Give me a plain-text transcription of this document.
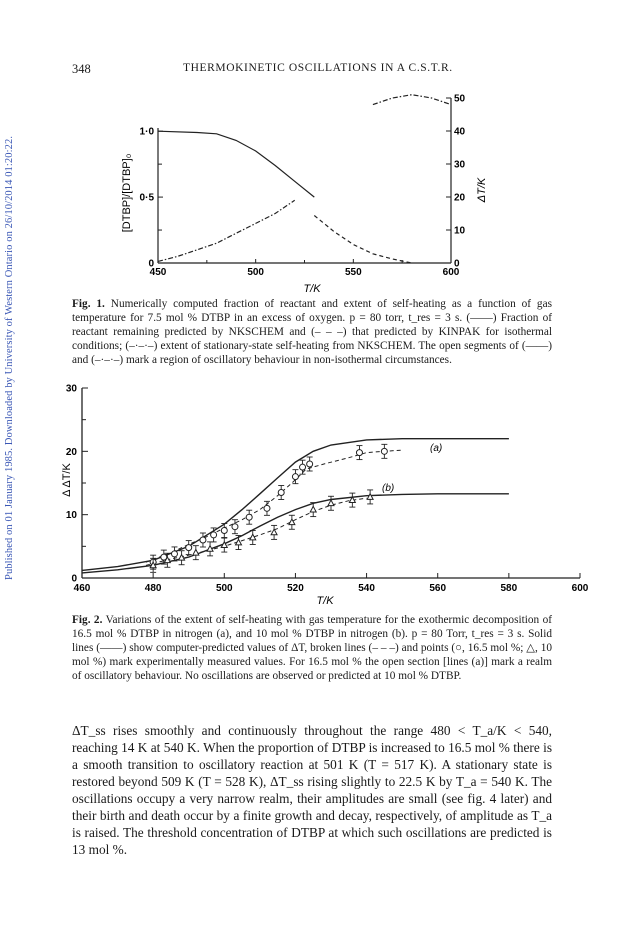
Published on 01 January 1985. Downloaded by University of Western Ontario on 26/10/2014 01:20:22.
348	THERMOKINETIC OSCILLATIONS IN A C.S.T.R.
0
0·5
1·0
0
10
20
30
40
50
450	500	550	600
[DTBP]/[DTBP]₀	ΔT/K
T/K
Fig. 1. Numerically computed fraction of reactant and extent of self-heating as a function of gas temperature for 7.5 mol % DTBP in an excess of oxygen. p = 80 torr, t_res = 3 s. (——) Fraction of reactant remaining predicted by NKSCHEM and (– – –) that predicted by KINPAK for isothermal conditions; (–·–·–) extent of stationary-state self-heating from NKSCHEM. The open segments of (——) and (–·–·–) mark a region of oscillatory behaviour in non-isothermal circumstances.
0
10
20
30
460	480	500	520	540	560	580	600
Δ ΔT/K
T/K
(a)
(b)
Fig. 2. Variations of the extent of self-heating with gas temperature for the exothermic decomposition of 16.5 mol % DTBP in nitrogen (a), and 10 mol % DTBP in nitrogen (b). p = 80 Torr, t_res = 3 s. Solid lines (——) show computer-predicted values of ΔT, broken lines (– – –) and points (○, 16.5 mol %; △, 10 mol %) mark experimentally measured values. For 16.5 mol % the open section [lines (a)] mark a realm of oscillatory behaviour. No oscillations are observed or predicted at 10 mol % DTBP.
ΔT_ss rises smoothly and continuously throughout the range 480 < T_a/K < 540, reaching 14 K at 540 K. When the proportion of DTBP is increased to 16.5 mol % there is a smooth transition to oscillatory reaction at 501 K (T = 517 K). A stationary state is restored beyond 509 K (T = 528 K), ΔT_ss rising slightly to 22.5 K by T_a = 540 K. The oscillations occupy a very narrow realm, their amplitudes are small (see fig. 4 later) and their birth and death occur by a finite growth and decay, respectively, of amplitude as T_a is raised. The threshold concentration of DTBP at which such oscillations are predicted is 13 mol %.
